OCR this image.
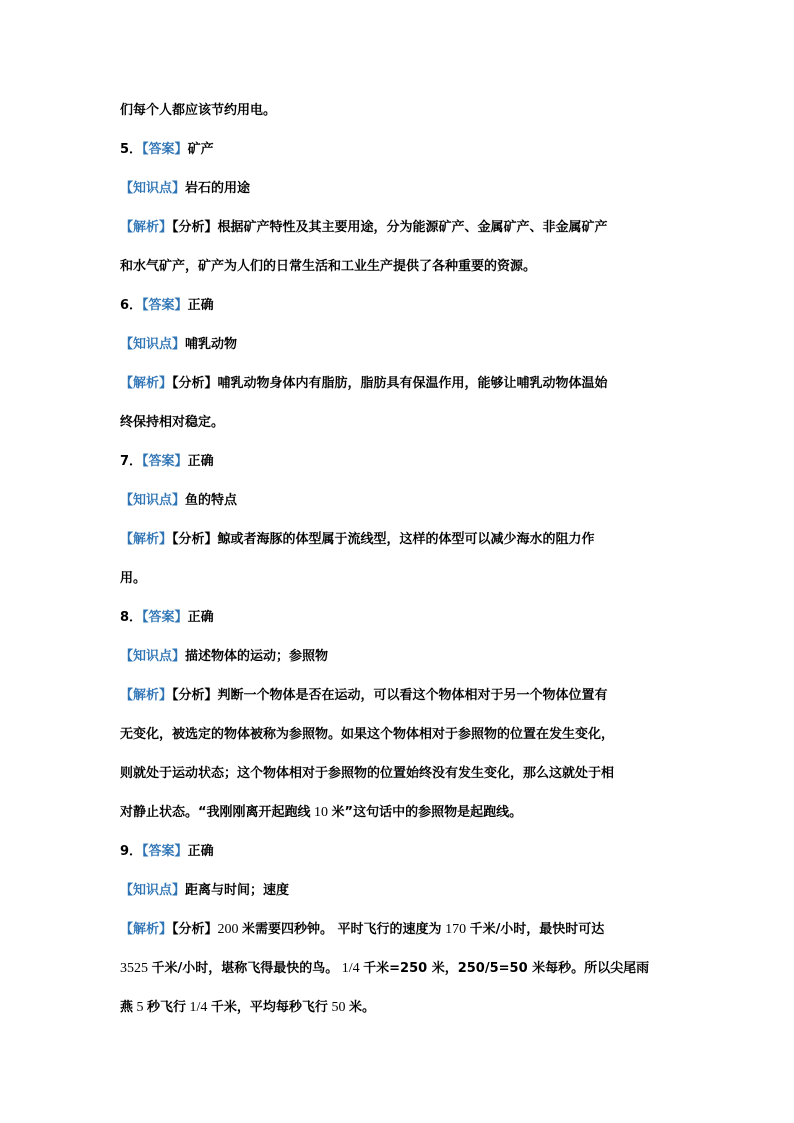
们每个人都应该节约用电。
5．【答案】矿产
【知识点】岩石的用途
【解析】【分析】根据矿产特性及其主要用途，分为能源矿产、金属矿产、非金属矿产
和水气矿产，矿产为人们的日常生活和工业生产提供了各种重要的资源。
6．【答案】正确
【知识点】哺乳动物
【解析】【分析】哺乳动物身体内有脂肪，脂肪具有保温作用，能够让哺乳动物体温始
终保持相对稳定。
7．【答案】正确
【知识点】鱼的特点
【解析】【分析】鲸或者海豚的体型属于流线型，这样的体型可以减少海水的阻力作
用。
8．【答案】正确
【知识点】描述物体的运动；参照物
【解析】【分析】判断一个物体是否在运动，可以看这个物体相对于另一个物体位置有
无变化，被选定的物体被称为参照物。如果这个物体相对于参照物的位置在发生变化，
则就处于运动状态；这个物体相对于参照物的位置始终没有发生变化，那么这就处于相
对静止状态。“我刚刚离开起跑线 10 米”这句话中的参照物是起跑线。
9．【答案】正确
【知识点】距离与时间；速度
【解析】【分析】200 米需要四秒钟。 平时飞行的速度为 170 千米/小时，最快时可达
3525 千米/小时，堪称飞得最快的鸟。 1/4 千米=250 米，250/5=50 米每秒。所以尖尾雨
燕 5 秒飞行 1/4 千米，平均每秒飞行 50 米。
